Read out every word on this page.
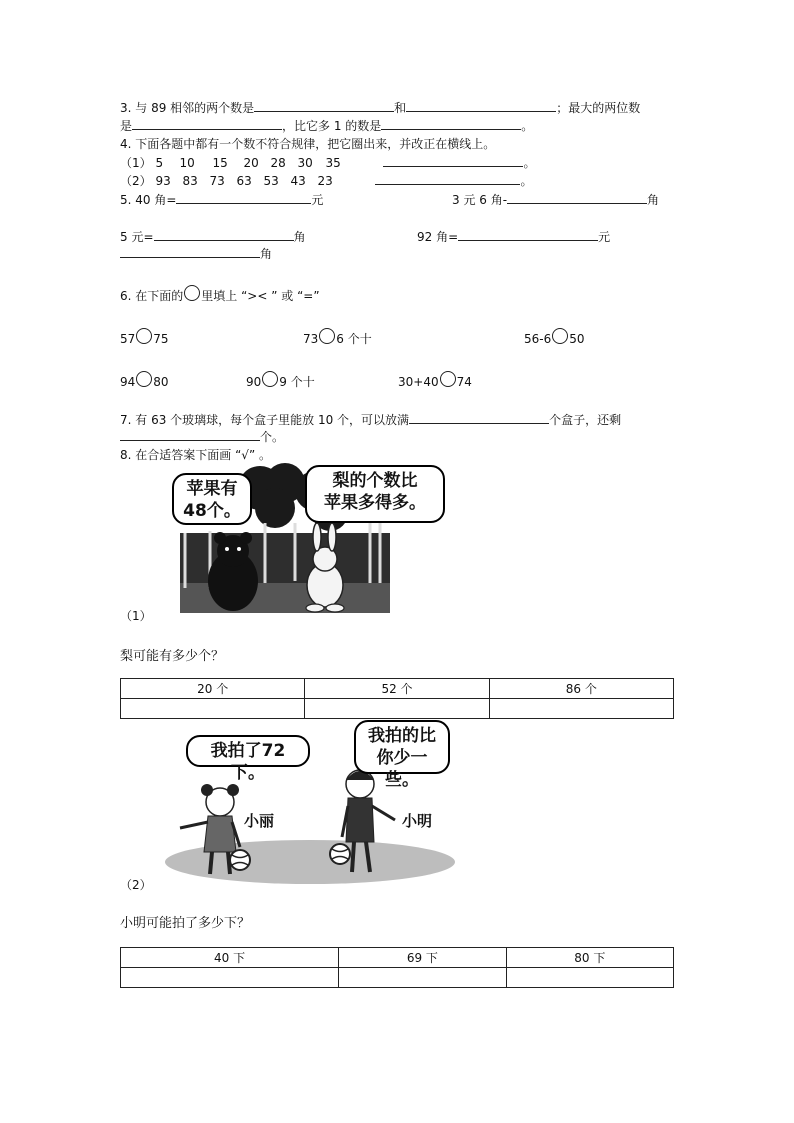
3. 与 89 相邻的两个数是	和	；最大的两位数
是	，比它多 1 的数是	。
4. 下面各题中都有一个数不符合规律，把它圈出来，并改正在横线上。
（1） 5 10 15 20 28 30 35	。
（2） 93 83 73 63 53 43 23	。
5. 40 角=	元	3 元 6 角-	角
5 元=	角	92 角=	元
角
6. 在下面的 里填上 “>< ” 或 “=”
57 75	73 6 个十	56-6 50
94 80	90 9 个十	30+40 74
7. 有 63 个玻璃球，每个盒子里能放 10 个，可以放满	个盒子，还剩
个。
8. 在合适答案下面画 “√” 。
苹果有
48个。
梨的个数比
苹果多得多。
（1）
梨可能有多少个？
20 个	52 个	86 个

我拍了72下。
我拍的比
你少一些。
小丽	小明
（2）
小明可能拍了多少下？
40 下	69 下	80 下
